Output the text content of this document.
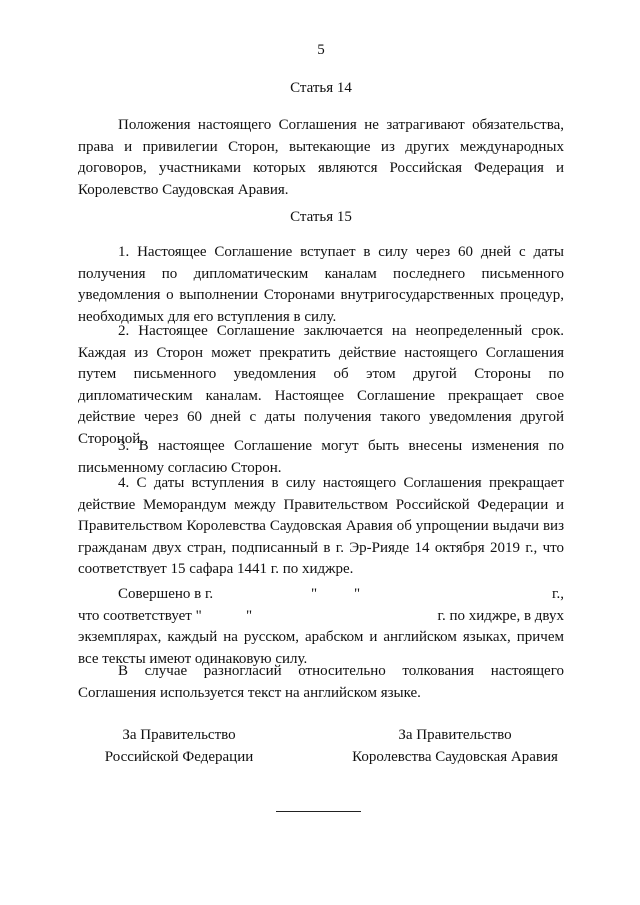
5
Статья 14

Положения настоящего Соглашения не затрагивают обязательства, права и привилегии Сторон, вытекающие из других международных договоров, участниками которых являются Российская Федерация и Королевство Саудовская Аравия.

Статья 15

1. Настоящее Соглашение вступает в силу через 60 дней с даты получения по дипломатическим каналам последнего письменного уведомления о выполнении Сторонами внутригосударственных процедур, необходимых для его вступления в силу.

2. Настоящее Соглашение заключается на неопределенный срок. Каждая из Сторон может прекратить действие настоящего Соглашения путем письменного уведомления об этом другой Стороны по дипломатическим каналам. Настоящее Соглашение прекращает свое действие через 60 дней с даты получения такого уведомления другой Стороной.

3. В настоящее Соглашение могут быть внесены изменения по письменному согласию Сторон.

4. С даты вступления в силу настоящего Соглашения прекращает действие Меморандум между Правительством Российской Федерации и Правительством Королевства Саудовская Аравия об упрощении выдачи виз гражданам двух стран, подписанный в г. Эр-Рияде 14 октября 2019 г., что соответствует 15 сафара 1441 г. по хиджре.

Совершено в г.	" "	г.,
что соответствует "	"	г. по хиджре, в двух

экземплярах, каждый на русском, арабском и английском языках, причем все тексты имеют одинаковую силу.

В случае разногласий относительно толкования настоящего Соглашения используется текст на английском языке.

За Правительство
Российской Федерации
За Правительство
Королевства Саудовская Аравия
